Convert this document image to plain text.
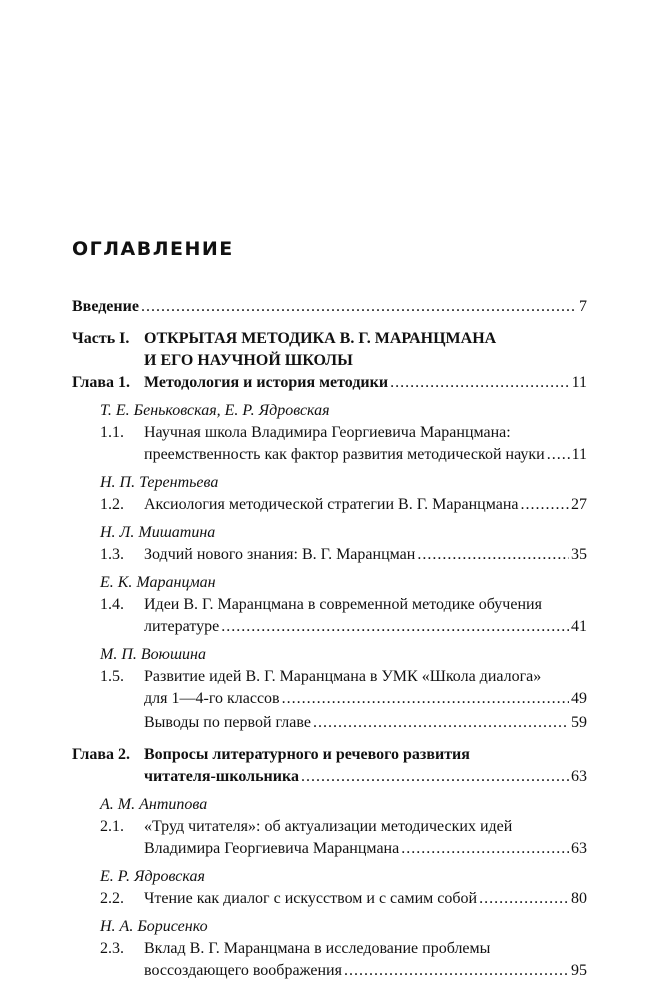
ОГЛАВЛЕНИЕ
Введение .....	7
Часть I. ОТКРЫТАЯ МЕТОДИКА В. Г. МАРАНЦМАНА
И ЕГО НАУЧНОЙ ШКОЛЫ
Глава 1. Методология и история методики .....	11
Т. Е. Беньковская, Е. Р. Ядровская
1.1.	Научная школа Владимира Георгиевича Маранцмана:
преемственность как фактор развития методической науки ..... 11
Н. П. Терентьева
1.2.	Аксиология методической стратегии В. Г. Маранцмана .....	27
Н. Л. Мишатина
1.3.	Зодчий нового знания: В. Г. Маранцман .....	35
Е. К. Маранцман
1.4.	Идеи В. Г. Маранцмана в современной методике обучения
литературе .....	41
М. П. Воюшина
1.5.	Развитие идей В. Г. Маранцмана в УМК «Школа диалога»
для 1—4-го классов .....	49
Выводы по первой главе .....	59
Глава 2. Вопросы литературного и речевого развития
читателя-школьника .....	63
А. М. Антипова
2.1.	«Труд читателя»: об актуализации методических идей
Владимира Георгиевича Маранцмана .....	63
Е. Р. Ядровская
2.2.	Чтение как диалог с искусством и с самим собой .....	80
Н. А. Борисенко
2.3.	Вклад В. Г. Маранцмана в исследование проблемы
воссоздающего воображения .....	95
